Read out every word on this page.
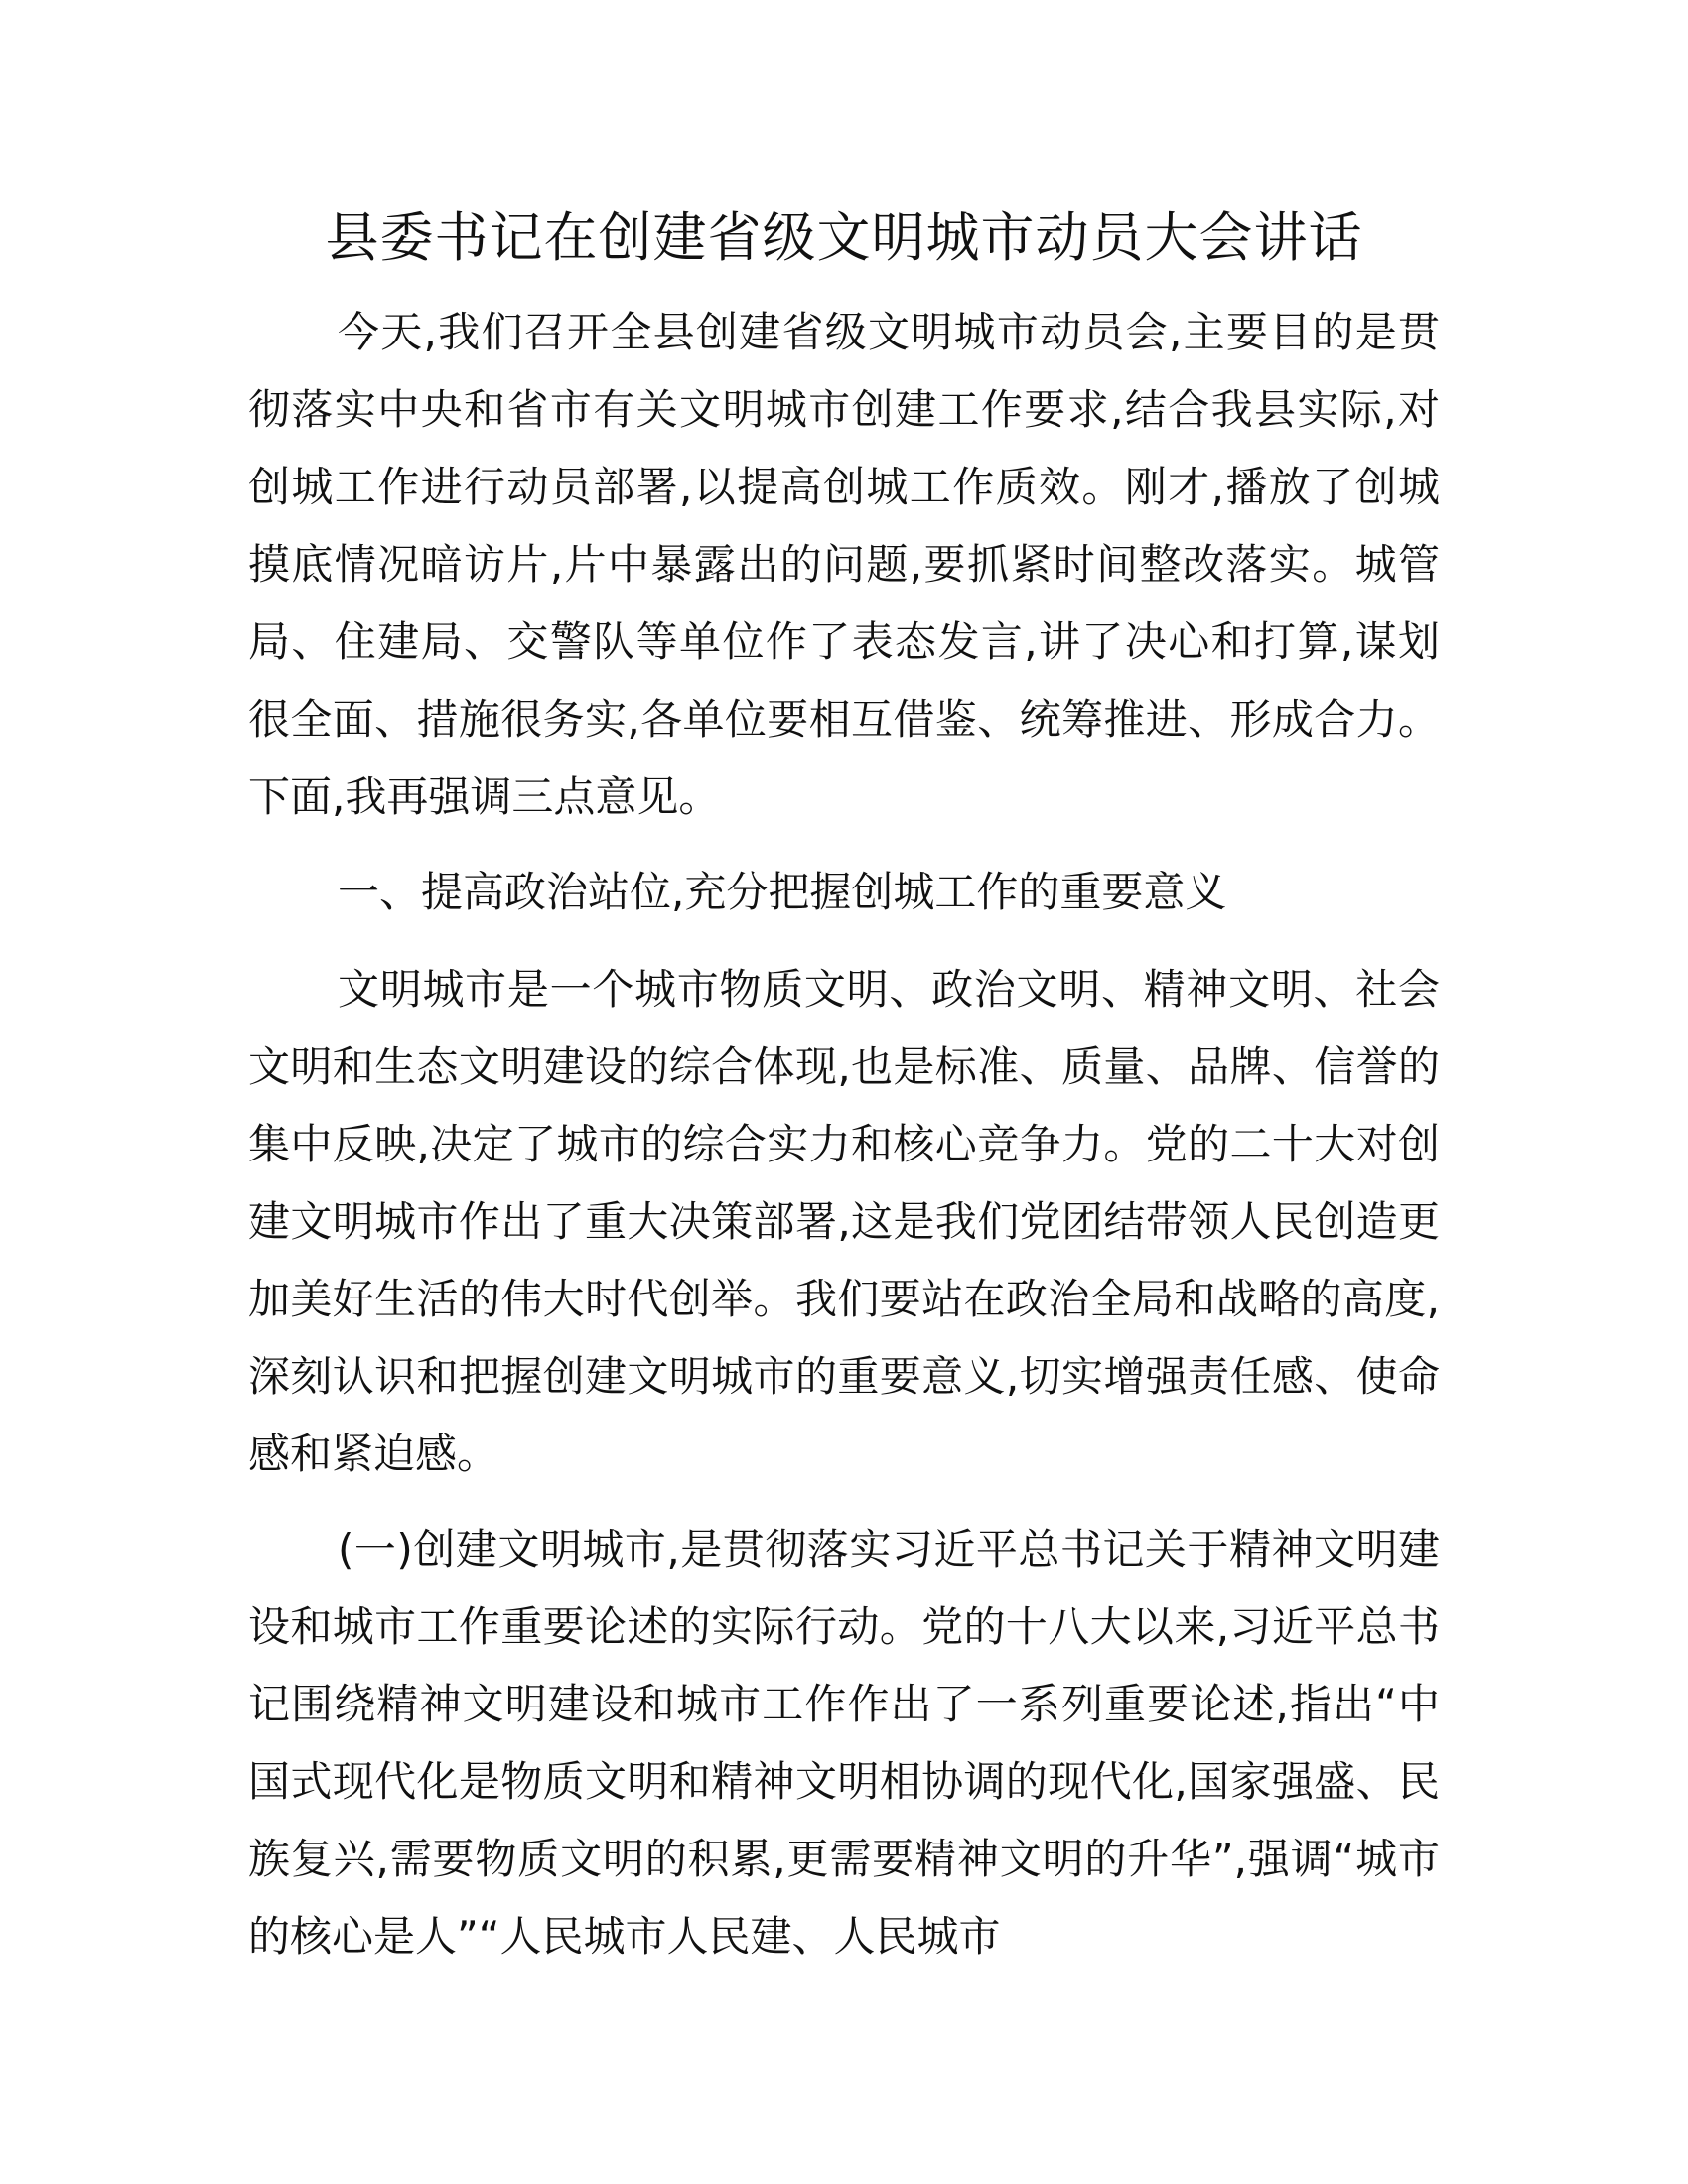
县委书记在创建省级文明城市动员大会讲话

今天,我们召开全县创建省级文明城市动员会,主要目的是贯彻落实中央和省市有关文明城市创建工作要求,结合我县实际,对创城工作进行动员部署,以提高创城工作质效。刚才,播放了创城摸底情况暗访片,片中暴露出的问题,要抓紧时间整改落实。城管局、住建局、交警队等单位作了表态发言,讲了决心和打算,谋划很全面、措施很务实,各单位要相互借鉴、统筹推进、形成合力。下面,我再强调三点意见。

一、提高政治站位,充分把握创城工作的重要意义

文明城市是一个城市物质文明、政治文明、精神文明、社会文明和生态文明建设的综合体现,也是标准、质量、品牌、信誉的集中反映,决定了城市的综合实力和核心竞争力。党的二十大对创建文明城市作出了重大决策部署,这是我们党团结带领人民创造更加美好生活的伟大时代创举。我们要站在政治全局和战略的高度,深刻认识和把握创建文明城市的重要意义,切实增强责任感、使命感和紧迫感。

(一)创建文明城市,是贯彻落实习近平总书记关于精神文明建设和城市工作重要论述的实际行动。党的十八大以来,习近平总书记围绕精神文明建设和城市工作作出了一系列重要论述,指出“中国式现代化是物质文明和精神文明相协调的现代化,国家强盛、民族复兴,需要物质文明的积累,更需要精神文明的升华”,强调“城市的核心是人”“人民城市人民建、人民城市
